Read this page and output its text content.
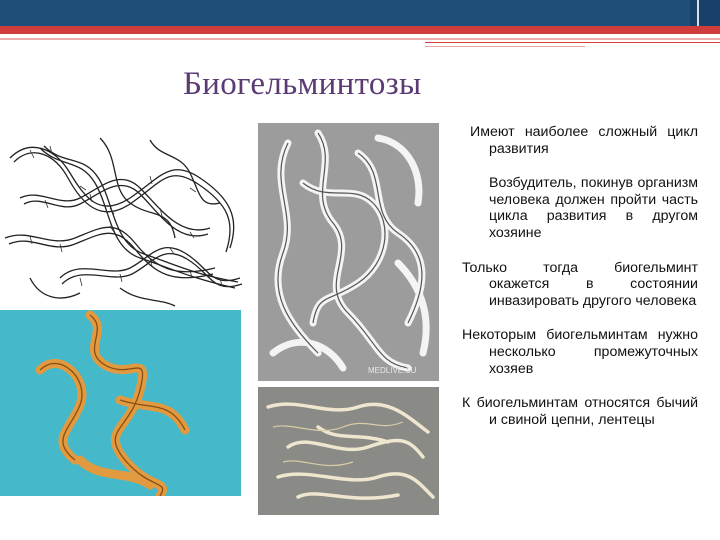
Биогельминтозы
MEDLIVE.SU

Имеют наиболее сложный цикл развития

Возбудитель, покинув организм человека должен пройти часть цикла развития в другом хозяине

Только тогда биогельминт окажется в состоянии инвазировать другого человека

Некоторым биогельминтам нужно несколько промежуточных хозяев

К биогельминтам относятся бычий и свиной цепни, лентецы
